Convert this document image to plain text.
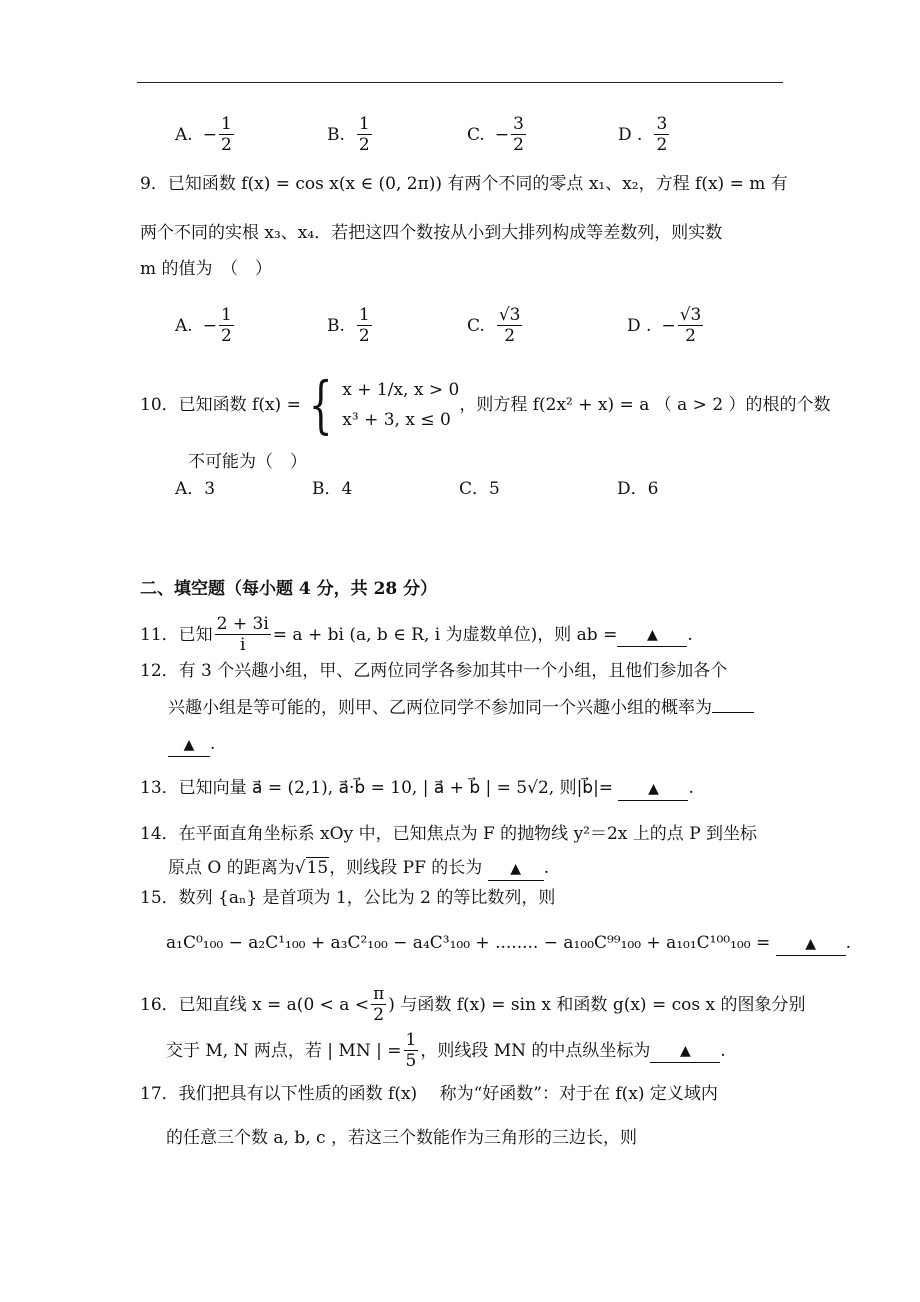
A. − $\frac{1}{2}$	B. $\frac{1}{2}$	C. − $\frac{3}{2}$	D . $\frac{3}{2}$
9．已知函数 f(x) = cos x(x ∈ (0, 2π)) 有两个不同的零点 x₁、x₂，方程 f(x) = m 有
两个不同的实根 x₃、x₄．若把这四个数按从小到大排列构成等差数列，则实数
m 的值为　（　）
A. − $\frac{1}{2}$	B. $\frac{1}{2}$	C. $\frac{√3}{2}$	D . − $\frac{√3}{2}$
10．已知函数 f(x) = { x + 1/x, x > 0
x³ + 3, x ≤ 0
，则方程 f(2x² + x) = a （ a > 2 ）的根的个数
不可能为（　）
A．3	B．4	C．5	D．6
二、填空题（每小题 4 分，共 28 分）
11．已知 $\frac{2 + 3i}{i} = a$ + bi (a, b ∈ R, i 为虚数单位)，则 ab =	▲	.
12．有 3 个兴趣小组，甲、乙两位同学各参加其中一个小组，且他们参加各个
兴趣小组是等可能的，则甲、乙两位同学不参加同一个兴趣小组的概率为
▲ .
13．已知向量 a⃗ = (2,1), a⃗·b⃗ = 10, | a⃗ + b⃗ | = 5√2, 则|b⃗|=	▲ .
14．在平面直角坐标系 xOy 中，已知焦点为 F 的抛物线 y²＝2x 上的点 P 到坐标
原点 O 的距离为√15，则线段 PF 的长为 ▲ .
15．数列 {aₙ} 是首项为 1，公比为 2 的等比数列，则
a₁C⁰₁₀₀ − a₂C¹₁₀₀ + a₃C²₁₀₀ − a₄C³₁₀₀ + ........ − a₁₀₀C⁹⁹₁₀₀ + a₁₀₁C¹⁰⁰₁₀₀ =	▲ .
16．已知直线 $x = a(0 < a < \frac{\pi}{2}$ ) 与函数 f(x) = sin x 和函数 g(x) = cos x 的图象分别
交于 M, N 两点，若 | MN | = $\frac{1}{5}$ ，则线段 MN 的中点纵坐标为	▲	.
17．我们把具有以下性质的函数 f(x)　 称为“好函数”：对于在 f(x) 定义域内
的任意三个数 a, b, c ，若这三个数能作为三角形的三边长，则
